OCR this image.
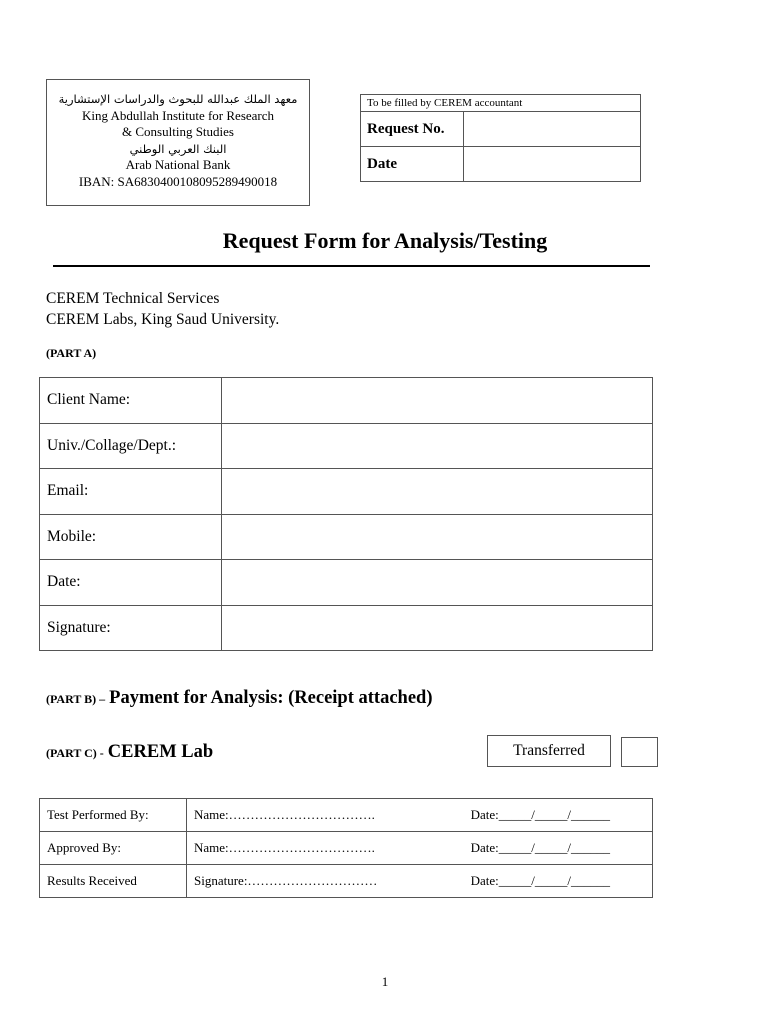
معهد الملك عبدالله للبحوث والدراسات الإستشارية
King Abdullah Institute for Research
& Consulting Studies
البنك العربي الوطني
Arab National Bank
IBAN: SA6830400108095289490018
To be filled by CEREM accountant	
Request No.	
Date	
Request Form for Analysis/Testing
CEREM Technical Services
CEREM Labs, King Saud University.
(PART A)
Client Name:	
Univ./Collage/Dept.:	
Email:	
Mobile:	
Date:	
Signature:	
(PART B) – Payment for Analysis: (Receipt attached)
(PART C) - CEREM Lab	Transferred
Test Performed By:	Name:……………………………. Date:_____/_____/______

Approved By:	Name:……………………………. Date:_____/_____/______

Results Received	Signature:………………………… Date:_____/_____/______
1
